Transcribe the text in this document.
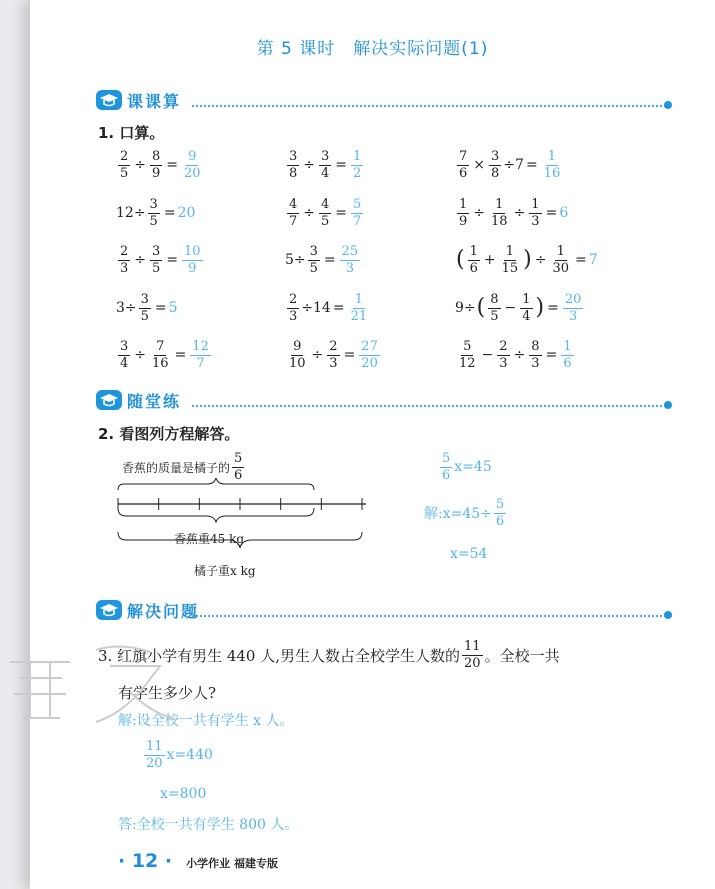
第 5 课时　解决实际问题(1)
课课算
1. 口算。
$\frac{2}{5} \div \frac{8}{9} = \frac{9}{20}$
$12\div \frac{3}{5} = 20$
$\frac{2}{3} \div \frac{3}{5} = \frac{10}{9}$
$3\div \frac{3}{5} = 5$
$\frac{3}{4} \div \frac{7}{16} = \frac{12}{7}$
$\frac{3}{8} \div \frac{3}{4} = \frac{1}{2}$
$\frac{4}{7} \div \frac{4}{5} = \frac{5}{7}$
$5\div \frac{3}{5} = \frac{25}{3}$
$\frac{2}{3} \div 14 = \frac{1}{21}$
$\frac{9}{10} \div \frac{2}{3} = \frac{27}{20}$
$\frac{7}{6} \times \frac{3}{8} \div 7 = \frac{1}{16}$
$\frac{1}{9} \div \frac{1}{18} \div \frac{1}{3} = 6$
( $\frac{1}{6} + \frac{1}{15}$ ) ÷ $\frac{1}{30} = 7$
9÷ ( $\frac{8}{5} - \frac{1}{4}$ ) = $\frac{20}{3}$
$\frac{5}{12} - \frac{2}{3} \div \frac{8}{3} = \frac{1}{6}$
随堂练
2. 看图列方程解答。
香蕉的质量是橘子的 $\frac{5}{6}$
香蕉重45 kg
橘子重x kg
$\frac{5}{6} x=45$
解:x=45÷ $\frac{5}{6}$
x=54
解决问题
3. 红旗小学有男生 440 人,男生人数占全校学生人数的 $\frac{11}{20}$ 。全校一共
有学生多少人?
解:设全校一共有学生 x 人。
$\frac{11}{20} x=440$
x=800
答:全校一共有学生 800 人。
· 12 · 小学作业 福建专版
